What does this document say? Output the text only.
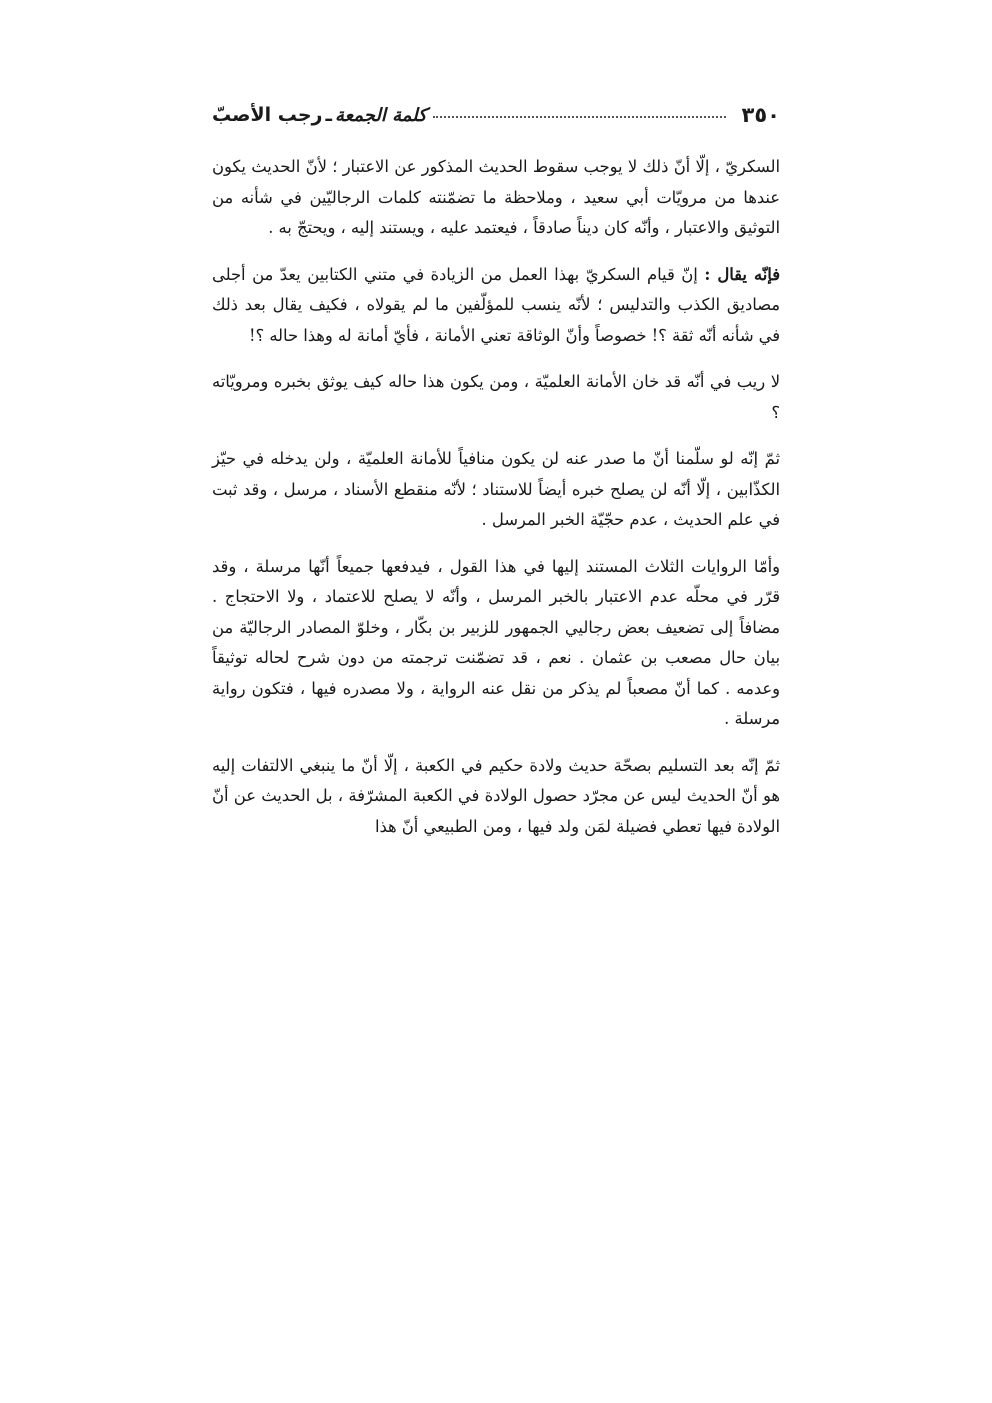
٣٥٠
كلمة الجمعة
ـ
رجب الأصبّ

السكريّ ، إلّا أنّ ذلك لا يوجب سقوط الحديث المذكور عن الاعتبار ؛ لأنّ الحديث يكون عندها من مرويّات أبي سعيد ، وملاحظة ما تضمّنته كلمات الرجاليّين في شأنه من التوثيق والاعتبار ، وأنّه كان ديناً صادقاً ، فيعتمد عليه ، ويستند إليه ، ويحتجّ به .

فإنّه يقال : إنّ قيام السكريّ بهذا العمل من الزيادة في متني الكتابين يعدّ من أجلى مصاديق الكذب والتدليس ؛ لأنّه ينسب للمؤلّفين ما لم يقولاه ، فكيف يقال بعد ذلك في شأنه أنّه ثقة ؟! خصوصاً وأنّ الوثاقة تعني الأمانة ، فأيّ أمانة له وهذا حاله ؟!

لا ريب في أنّه قد خان الأمانة العلميّة ، ومن يكون هذا حاله كيف يوثق بخبره ومرويّاته ؟

ثمّ إنّه لو سلّمنا أنّ ما صدر عنه لن يكون منافياً للأمانة العلميّة ، ولن يدخله في حيّز الكذّابين ، إلّا أنّه لن يصلح خبره أيضاً للاستناد ؛ لأنّه منقطع الأسناد ، مرسل ، وقد ثبت في علم الحديث ، عدم حجّيّة الخبر المرسل .

وأمّا الروايات الثلاث المستند إليها في هذا القول ، فيدفعها جميعاً أنّها مرسلة ، وقد قرّر في محلّه عدم الاعتبار بالخبر المرسل ، وأنّه لا يصلح للاعتماد ، ولا الاحتجاج . مضافاً إلى تضعيف بعض رجاليي الجمهور للزبير بن بكّار ، وخلوّ المصادر الرجاليّة من بيان حال مصعب بن عثمان . نعم ، قد تضمّنت ترجمته من دون شرح لحاله توثيقاً وعدمه . كما أنّ مصعباً لم يذكر من نقل عنه الرواية ، ولا مصدره فيها ، فتكون رواية مرسلة .

ثمّ إنّه بعد التسليم بصحّة حديث ولادة حكيم في الكعبة ، إلّا أنّ ما ينبغي الالتفات إليه هو أنّ الحديث ليس عن مجرّد حصول الولادة في الكعبة المشرّفة ، بل الحديث عن أنّ الولادة فيها تعطي فضيلة لمَن ولد فيها ، ومن الطبيعي أنّ هذا
